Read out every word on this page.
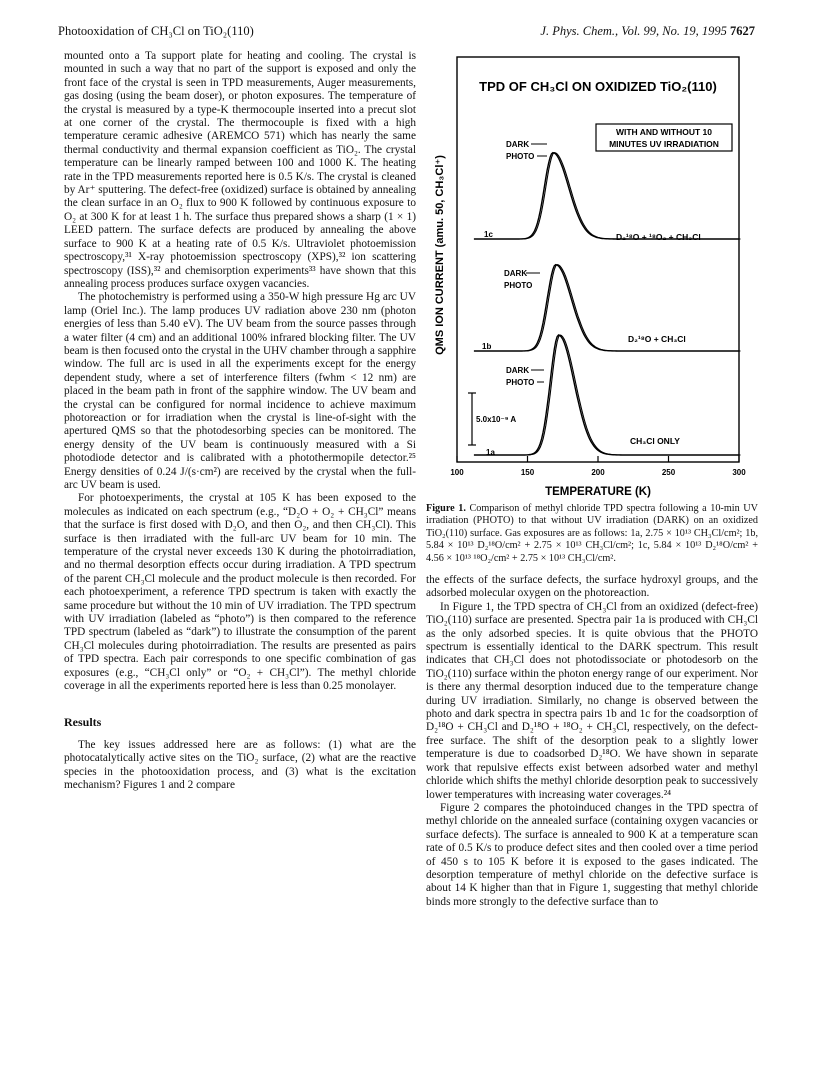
Photooxidation of CH₃Cl on TiO₂(110)	J. Phys. Chem., Vol. 99, No. 19, 1995 7627

mounted onto a Ta support plate for heating and cooling. The crystal is mounted in such a way that no part of the support is exposed and only the front face of the crystal is seen in TPD measurements, Auger measurements, gas dosing (using the beam doser), or photon exposures. The temperature of the crystal is measured by a type-K thermocouple inserted into a precut slot at one corner of the crystal. The thermocouple is fixed with a high temperature ceramic adhesive (AREMCO 571) which has nearly the same thermal conductivity and thermal expansion coefficient as TiO₂. The crystal temperature can be linearly ramped between 100 and 1000 K. The heating rate in the TPD measurements reported here is 0.5 K/s. The crystal is cleaned by Ar⁺ sputtering. The defect-free (oxidized) surface is obtained by annealing the clean surface in an O₂ flux to 900 K followed by continuous exposure to O₂ at 300 K for at least 1 h. The surface thus prepared shows a sharp (1 × 1) LEED pattern. The surface defects are produced by annealing the above surface to 900 K at a heating rate of 0.5 K/s. Ultraviolet photoemission spectroscopy,³¹ X-ray photoemission spectroscopy (XPS),³² ion scattering spectroscopy (ISS),³² and chemisorption experiments³³ have shown that this annealing process produces surface oxygen vacancies.

The photochemistry is performed using a 350-W high pressure Hg arc UV lamp (Oriel Inc.). The lamp produces UV radiation above 230 nm (photon energies of less than 5.40 eV). The UV beam from the source passes through a water filter (4 cm) and an additional 100% infrared blocking filter. The UV beam is then focused onto the crystal in the UHV chamber through a sapphire window. The full arc is used in all the experiments except for the energy dependent study, where a set of interference filters (fwhm < 12 nm) are placed in the beam path in front of the sapphire window. The UV beam and the crystal can be configured for normal incidence to achieve maximum photoreaction or for irradiation when the crystal is line-of-sight with the apertured QMS so that the photodesorbing species can be monitored. The energy density of the UV beam is continuously measured with a Si photodiode detector and is calibrated with a photothermopile detector.²⁵ Energy densities of 0.24 J/(s·cm²) are received by the crystal when the full-arc UV beam is used.

For photoexperiments, the crystal at 105 K has been exposed to the molecules as indicated on each spectrum (e.g., “D₂O + O₂ + CH₃Cl” means that the surface is first dosed with D₂O, and then O₂, and then CH₃Cl). This surface is then irradiated with the full-arc UV beam for 10 min. The temperature of the crystal never exceeds 130 K during the photoirradiation, and no thermal desorption effects occur during irradiation. A TPD spectrum of the parent CH₃Cl molecule and the product molecule is then recorded. For each photoexperiment, a reference TPD spectrum is taken with exactly the same procedure but without the 10 min of UV irradiation. The TPD spectrum with UV irradiation (labeled as “photo”) is then compared to the reference TPD spectrum (labeled as “dark”) to illustrate the consumption of the parent CH₃Cl molecules during photoirradiation. The results are presented as pairs of TPD spectra. Each pair corresponds to one specific combination of gas exposures (e.g., “CH₃Cl only” or “O₂ + CH₃Cl”). The methyl chloride coverage in all the experiments reported here is less than 0.25 monolayer.

Results

The key issues addressed here are as follows: (1) what are the photocatalytically active sites on the TiO₂ surface, (2) what are the reactive species in the photooxidation process, and (3) what is the excitation mechanism? Figures 1 and 2 compare

TPD OF CH₃Cl ON OXIDIZED TiO₂(110)
WITH AND WITHOUT 10
MINUTES UV IRRADIATION
QMS ION CURRENT (amu. 50, CH₃Cl⁺)
100	150	200	250	300
TEMPERATURE (K)
5.0x10⁻⁹ A
DARK
PHOTO
1c	D₂¹⁸O + ¹⁸O₂ + CH₃Cl
DARK
PHOTO
1b
D₂¹⁸O + CH₃Cl
DARK
PHOTO
1a
CH₃Cl ONLY
Figure 1. Comparison of methyl chloride TPD spectra following a 10-min UV irradiation (PHOTO) to that without UV irradiation (DARK) on an oxidized TiO₂(110) surface. Gas exposures are as follows: 1a, 2.75 × 10¹³ CH₃Cl/cm²; 1b, 5.84 × 10¹³ D₂¹⁸O/cm² + 2.75 × 10¹³ CH₃Cl/cm²; 1c, 5.84 × 10¹³ D₂¹⁸O/cm² + 4.56 × 10¹³ ¹⁸O₂/cm² + 2.75 × 10¹³ CH₃Cl/cm².

the effects of the surface defects, the surface hydroxyl groups, and the adsorbed molecular oxygen on the photoreaction.

In Figure 1, the TPD spectra of CH₃Cl from an oxidized (defect-free) TiO₂(110) surface are presented. Spectra pair 1a is produced with CH₃Cl as the only adsorbed species. It is quite obvious that the PHOTO spectrum is essentially identical to the DARK spectrum. This result indicates that CH₃Cl does not photodissociate or photodesorb on the TiO₂(110) surface within the photon energy range of our experiment. Nor is there any thermal desorption induced due to the temperature change during UV irradiation. Similarly, no change is observed between the photo and dark spectra in spectra pairs 1b and 1c for the coadsorption of D₂¹⁸O + CH₃Cl and D₂¹⁸O + ¹⁸O₂ + CH₃Cl, respectively, on the defect-free surface. The shift of the desorption peak to a slightly lower temperature is due to coadsorbed D₂¹⁸O. We have shown in separate work that repulsive effects exist between adsorbed water and methyl chloride which shifts the methyl chloride desorption peak to successively lower temperatures with increasing water coverages.²⁴

Figure 2 compares the photoinduced changes in the TPD spectra of methyl chloride on the annealed surface (containing oxygen vacancies or surface defects). The surface is annealed to 900 K at a temperature scan rate of 0.5 K/s to produce defect sites and then cooled over a time period of 450 s to 105 K before it is exposed to the gases indicated. The desorption temperature of methyl chloride on the defective surface is about 14 K higher than that in Figure 1, suggesting that methyl chloride binds more strongly to the defective surface than to
